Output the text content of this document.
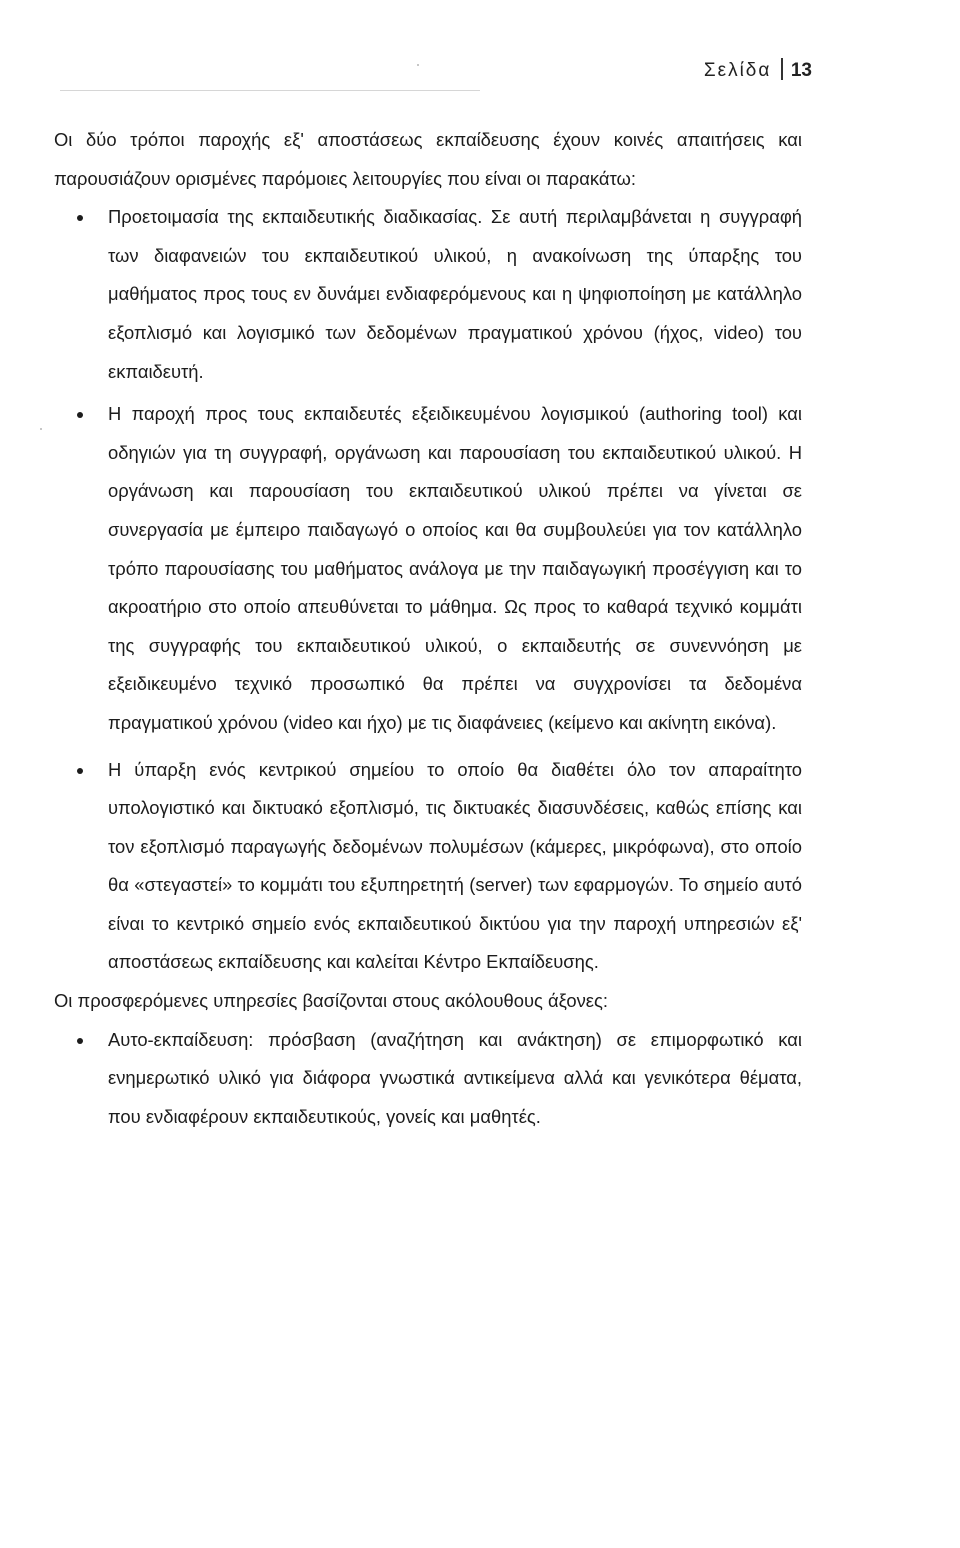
Σελίδα 13

Οι δύο τρόποι παροχής εξ' αποστάσεως εκπαίδευσης έχουν κοινές απαιτήσεις και παρουσιάζουν ορισμένες παρόμοιες λειτουργίες που είναι οι παρακάτω:

Προετοιμασία της εκπαιδευτικής διαδικασίας. Σε αυτή περιλαμβάνεται η συγγραφή των διαφανειών του εκπαιδευτικού υλικού, η ανακοίνωση της ύπαρξης του μαθήματος προς τους εν δυνάμει ενδιαφερόμενους και η ψηφιοποίηση με κατάλληλο εξοπλισμό και λογισμικό των δεδομένων πραγματικού χρόνου (ήχος, video) του εκπαιδευτή.
Η παροχή προς τους εκπαιδευτές εξειδικευμένου λογισμικού (authoring tool) και οδηγιών για τη συγγραφή, οργάνωση και παρουσίαση του εκπαιδευτικού υλικού. Η οργάνωση και παρουσίαση του εκπαιδευτικού υλικού πρέπει να γίνεται σε συνεργασία με έμπειρο παιδαγωγό ο οποίος και θα συμβουλεύει για τον κατάλληλο τρόπο παρουσίασης του μαθήματος ανάλογα με την παιδαγωγική προσέγγιση και το ακροατήριο στο οποίο απευθύνεται το μάθημα. Ως προς το καθαρά τεχνικό κομμάτι της συγγραφής του εκπαιδευτικού υλικού, ο εκπαιδευτής σε συνεννόηση με εξειδικευμένο τεχνικό προσωπικό θα πρέπει να συγχρονίσει τα δεδομένα πραγματικού χρόνου (video και ήχο) με τις διαφάνειες (κείμενο και ακίνητη εικόνα).
Η ύπαρξη ενός κεντρικού σημείου το οποίο θα διαθέτει όλο τον απαραίτητο υπολογιστικό και δικτυακό εξοπλισμό, τις δικτυακές διασυνδέσεις, καθώς επίσης και τον εξοπλισμό παραγωγής δεδομένων πολυμέσων (κάμερες, μικρόφωνα), στο οποίο θα «στεγαστεί» το κομμάτι του εξυπηρετητή (server) των εφαρμογών. Το σημείο αυτό είναι το κεντρικό σημείο ενός εκπαιδευτικού δικτύου για την παροχή υπηρεσιών εξ' αποστάσεως εκπαίδευσης και καλείται Κέντρο Εκπαίδευσης.

Οι προσφερόμενες υπηρεσίες βασίζονται στους ακόλουθους άξονες:

Αυτο-εκπαίδευση: πρόσβαση (αναζήτηση και ανάκτηση) σε επιμορφωτικό και ενημερωτικό υλικό για διάφορα γνωστικά αντικείμενα αλλά και γενικότερα θέματα, που ενδιαφέρουν εκπαιδευτικούς, γονείς και μαθητές.
